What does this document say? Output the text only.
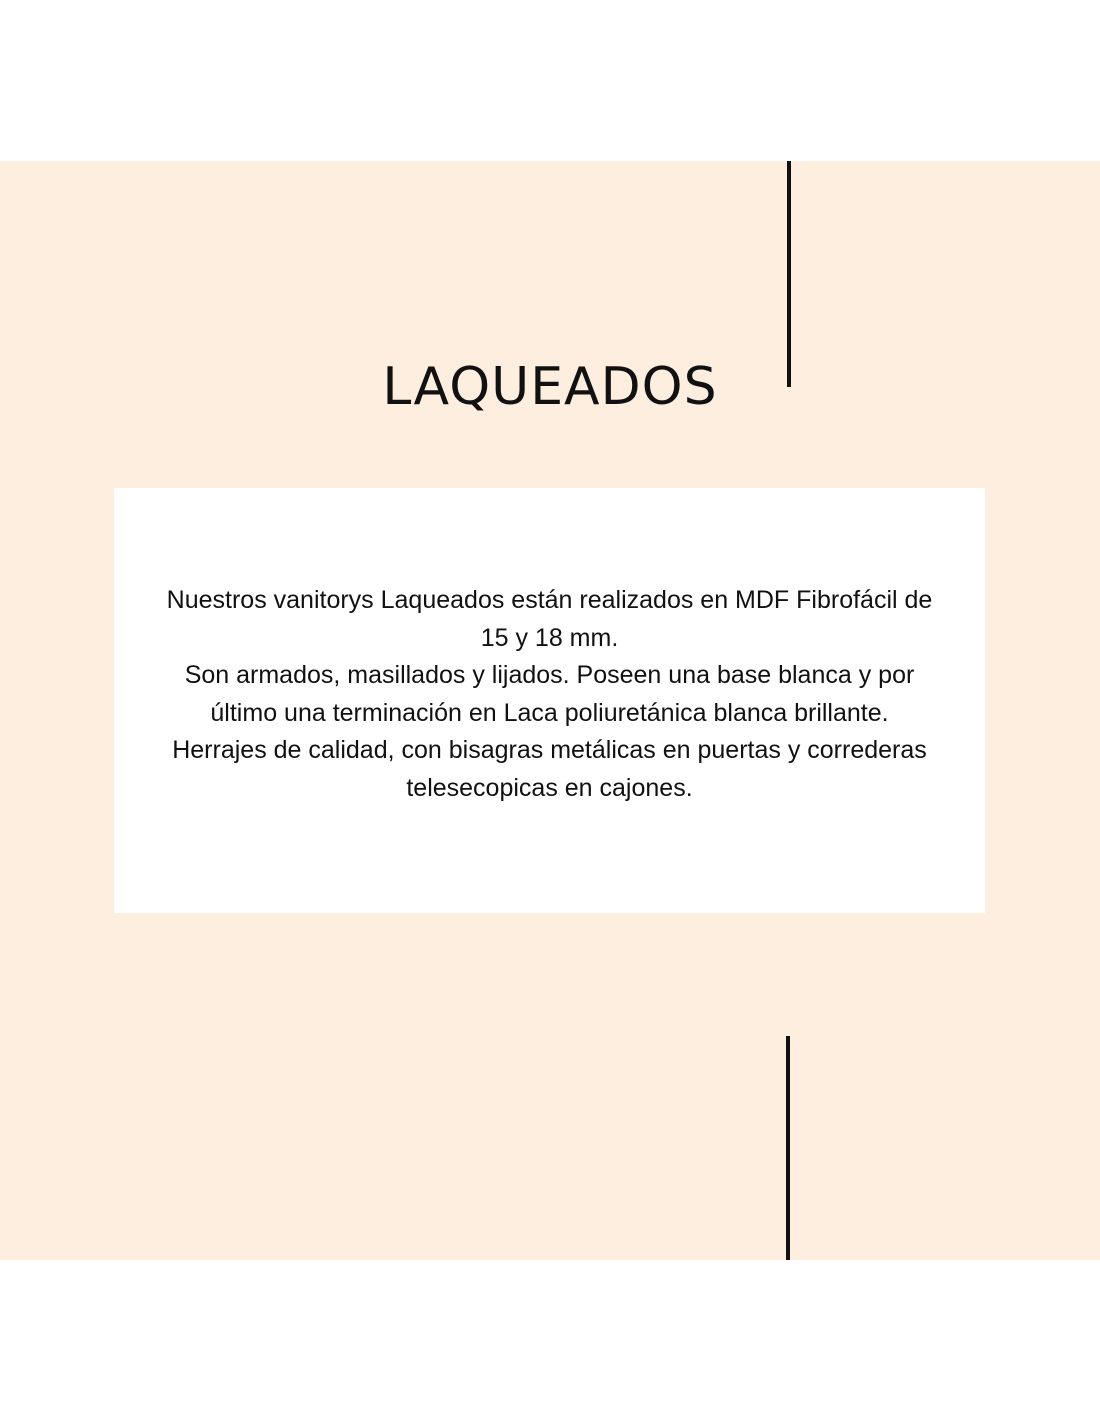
LAQUEADOS

Nuestros vanitorys Laqueados están realizados en MDF Fibrofácil de 15 y 18 mm.

Son armados, masillados y lijados. Poseen una base blanca y por último una terminación en Laca poliuretánica blanca brillante.

Herrajes de calidad, con bisagras metálicas en puertas y correderas telesecopicas en cajones.
